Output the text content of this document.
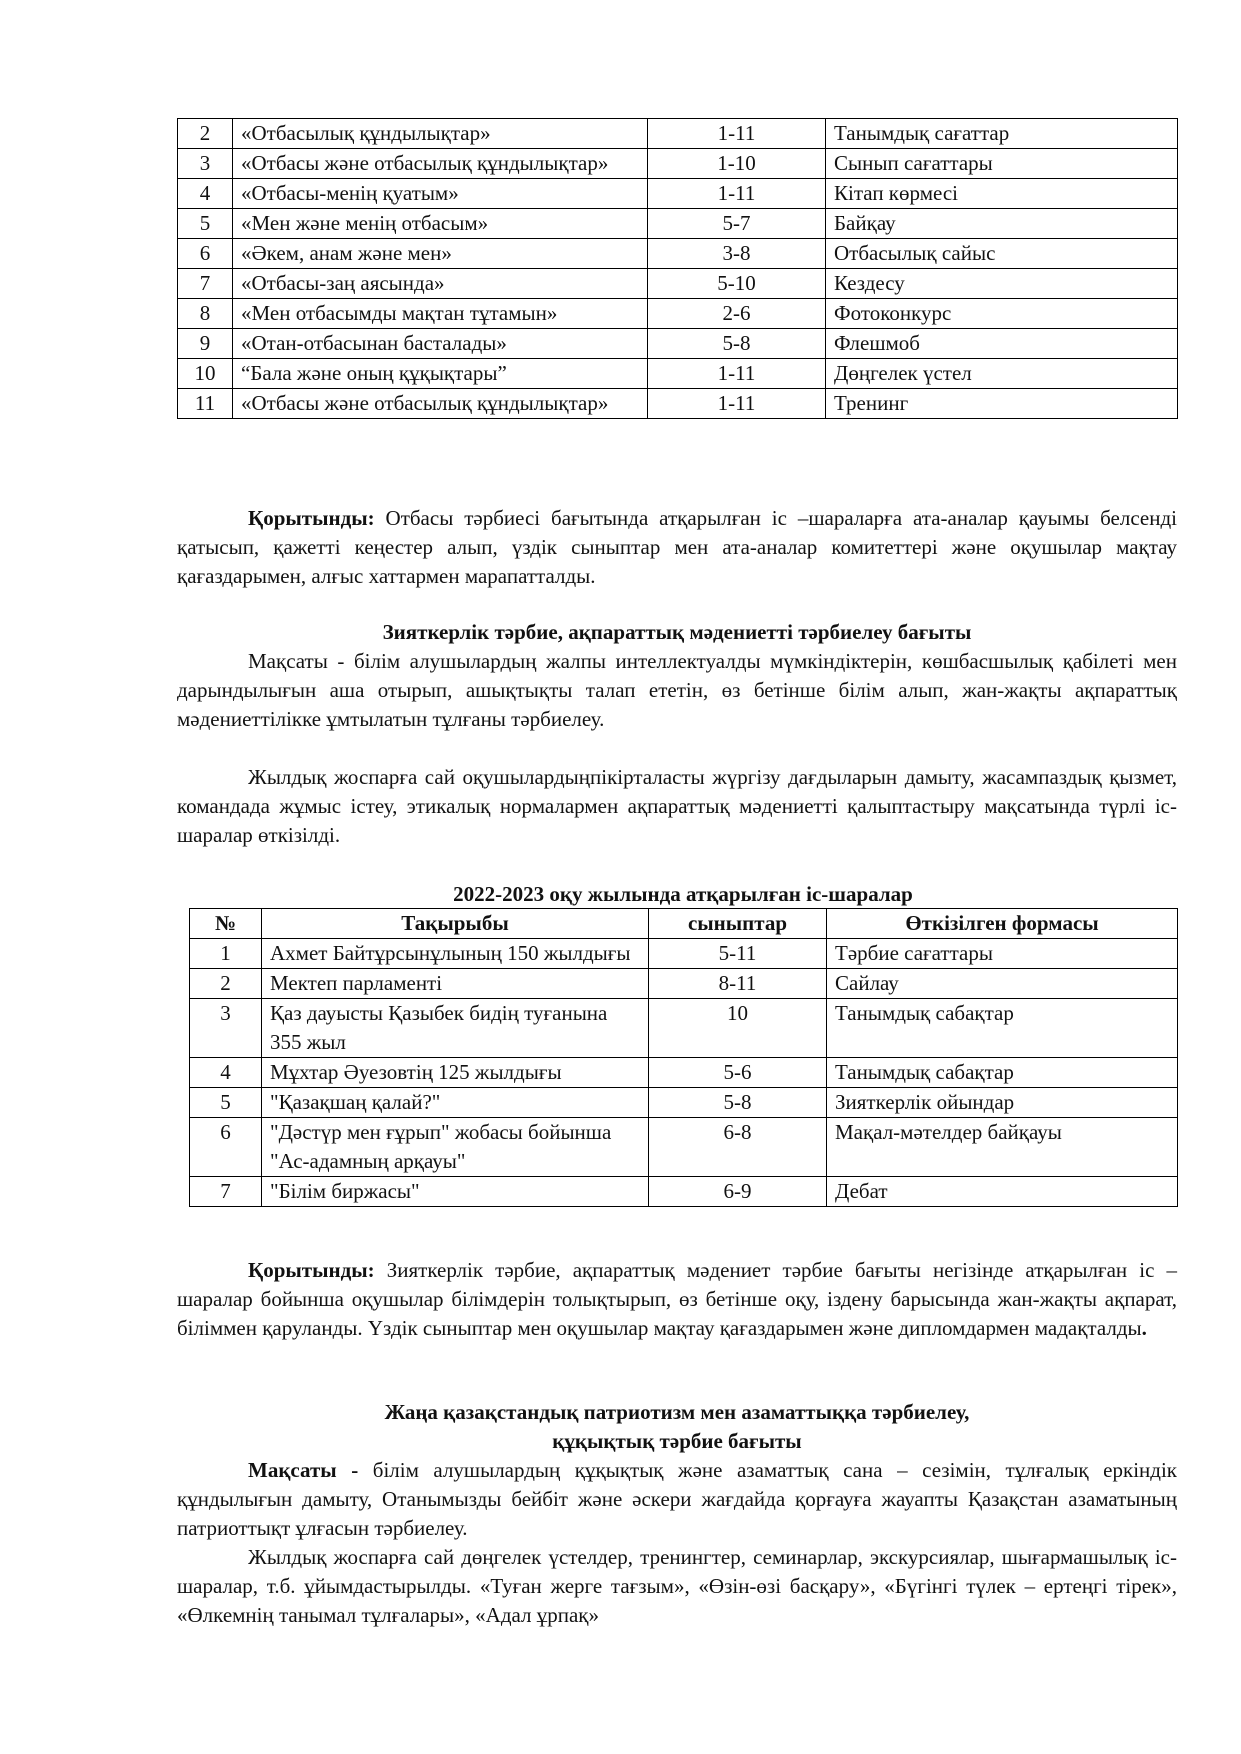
2	«Отбасылық құндылықтар»	1-11	Танымдық сағаттар
3	«Отбасы және отбасылық құндылықтар»	1-10	Сынып сағаттары
4	«Отбасы-менің қуатым»	1-11	Кітап көрмесі
5	«Мен және менің отбасым»	5-7	Байқау
6	«Әкем, анам және мен»	3-8	Отбасылық сайыс
7	«Отбасы-заң аясында»	5-10	Кездесу
8	«Мен отбасымды мақтан тұтамын»	2-6	Фотоконкурс
9	«Отан-отбасынан басталады»	5-8	Флешмоб
10	“Бала және оның құқықтары”	1-11	Дөңгелек үстел
11	«Отбасы және отбасылық құндылықтар»	1-11	Тренинг

Қорытынды: Отбасы тәрбиесі бағытында атқарылған іс –шараларға ата-аналар қауымы белсенді қатысып, қажетті кеңестер алып, үздік сыныптар мен ата-аналар комитеттері және оқушылар мақтау қағаздарымен, алғыс хаттармен марапатталды.

Зияткерлік тәрбие, ақпараттық мәдениетті тәрбиелеу бағыты

Мақсаты - білім алушылардың жалпы интеллектуалды мүмкіндіктерін, көшбасшылық қабілеті мен дарындылығын аша отырып, ашықтықты талап ететін, өз бетінше білім алып, жан-жақты ақпараттық мәдениеттілікке ұмтылатын тұлғаны тәрбиелеу.

Жылдық жоспарға сай оқушылардыңпікірталасты жүргізу дағдыларын дамыту, жасампаздық қызмет, командада жұмыс істеу, этикалық нормалармен ақпараттық мәдениетті қалыптастыру мақсатында түрлі іс-шаралар өткізілді.

2022-2023 оқу жылында атқарылған іс-шаралар
№	Тақырыбы	сыныптар	Өткізілген формасы
1	Ахмет Байтұрсынұлының 150 жылдығы	5-11	Тәрбие сағаттары
2	Мектеп парламенті	8-11	Сайлау
3	Қаз дауысты Қазыбек бидің туғанына 355 жыл	10	Танымдық сабақтар
4	Мұхтар Әуезовтің 125 жылдығы	5-6	Танымдық сабақтар
5	"Қазақшаң қалай?"	5-8	Зияткерлік ойындар
6	"Дәстүр мен ғұрып" жобасы бойынша "Ас-адамның арқауы"	6-8	Мақал-мәтелдер байқауы
7	"Білім биржасы"	6-9	Дебат

Қорытынды: Зияткерлік тәрбие, ақпараттық мәдениет тәрбие бағыты негізінде атқарылған іс –шаралар бойынша оқушылар білімдерін толықтырып, өз бетінше оқу, іздену барысында жан-жақты ақпарат, біліммен қаруланды. Үздік сыныптар мен оқушылар мақтау қағаздарымен және дипломдармен мадақталды.

Жаңа қазақстандық патриотизм мен азаматтыққа тәрбиелеу,

құқықтық тәрбие бағыты

Мақсаты - білім алушылардың құқықтық және азаматтық сана – сезімін, тұлғалық еркіндік құндылығын дамыту, Отанымызды бейбіт және әскери жағдайда қорғауға жауапты Қазақстан азаматының патриоттықт ұлғасын тәрбиелеу.

Жылдық жоспарға сай дөңгелек үстелдер, тренингтер, семинарлар, экскурсиялар, шығармашылық іс-шаралар, т.б. ұйымдастырылды. «Туған жерге тағзым», «Өзін-өзі басқару», «Бүгінгі түлек – ертеңгі тірек», «Өлкемнің танымал тұлғалары», «Адал ұрпақ»
